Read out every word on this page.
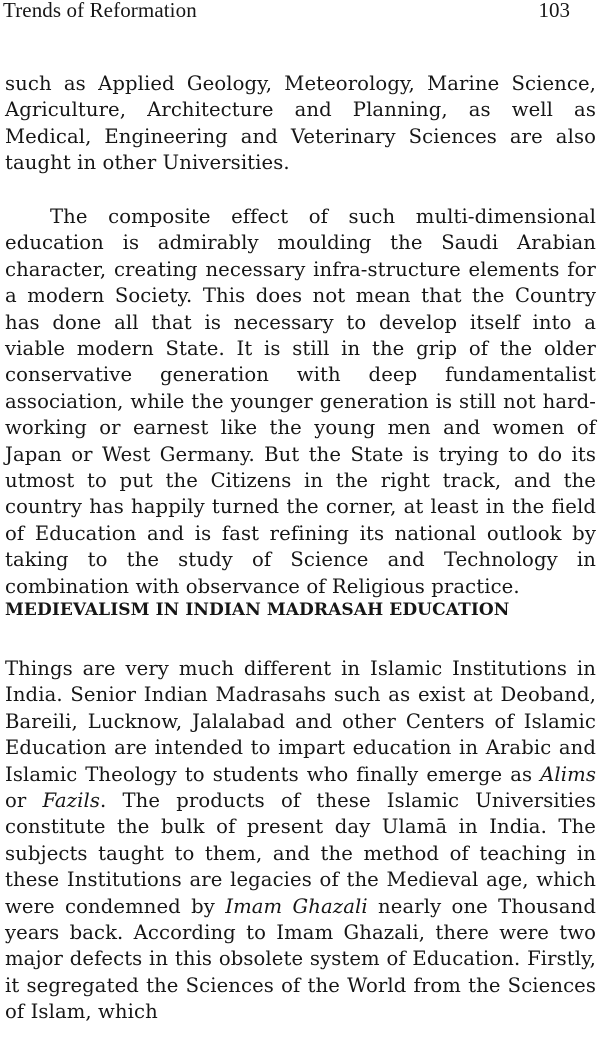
Trends of Reformation	103

such as Applied Geology, Meteorology, Marine Science, Agriculture, Architecture and Planning, as well as Medical, Engineering and Veterinary Sciences are also taught in other Universities.

The composite effect of such multi-dimensional education is admirably moulding the Saudi Arabian character, creating necessary infra-structure elements for a modern Society. This does not mean that the Country has done all that is necessary to develop itself into a viable modern State. It is still in the grip of the older conservative generation with deep fundamentalist association, while the younger generation is still not hard-working or earnest like the young men and women of Japan or West Germany. But the State is trying to do its utmost to put the Citizens in the right track, and the country has happily turned the corner, at least in the field of Education and is fast refining its national outlook by taking to the study of Science and Technology in combination with observance of Religious practice.

MEDIEVALISM IN INDIAN MADRASAH EDUCATION

Things are very much different in Islamic Institutions in India. Senior Indian Madrasahs such as exist at Deoband, Bareili, Lucknow, Jalalabad and other Centers of Islamic Education are intended to impart education in Arabic and Islamic Theology to students who finally emerge as Alims or Fazils. The products of these Islamic Universities constitute the bulk of present day Ulamā in India. The subjects taught to them, and the method of teaching in these Institutions are legacies of the Medieval age, which were condemned by Imam Ghazali nearly one Thousand years back. According to Imam Ghazali, there were two major defects in this obsolete system of Education. Firstly, it segregated the Sciences of the World from the Sciences of Islam, which
